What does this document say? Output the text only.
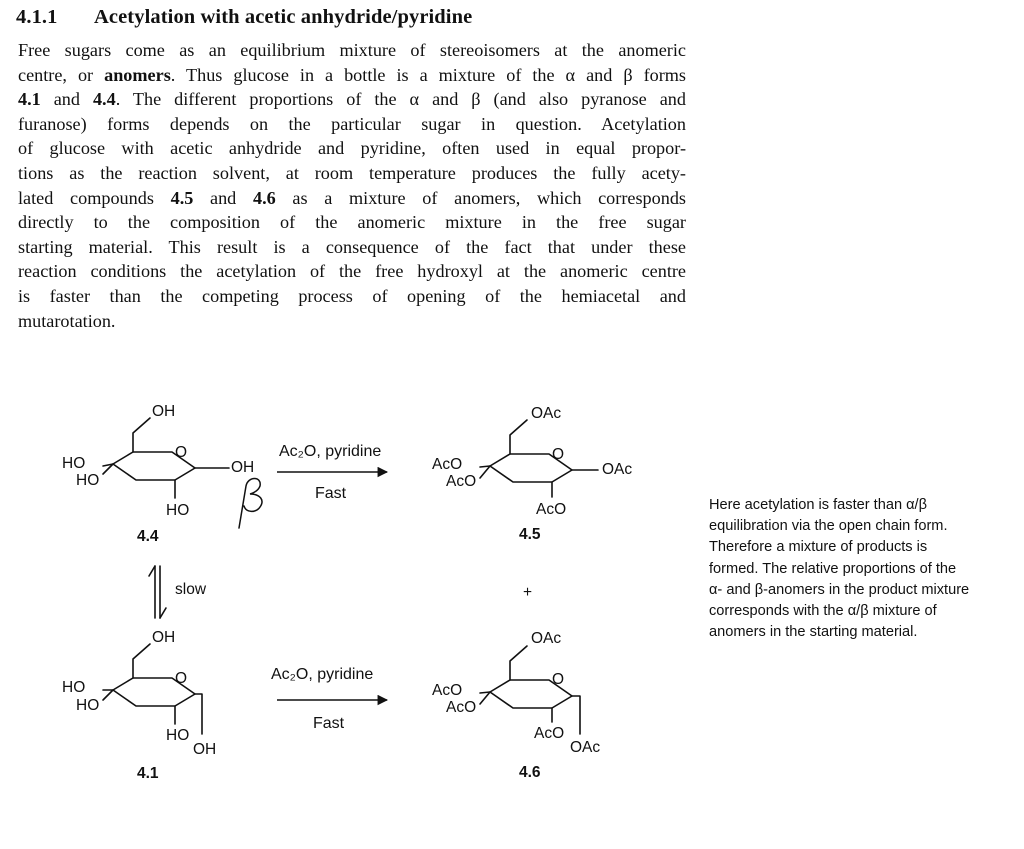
4.1.1 Acetylation with acetic anhydride/pyridine
Free sugars come as an equilibrium mixture of stereoisomers at the anomeric
centre, or anomers. Thus glucose in a bottle is a mixture of the α and β forms
4.1 and 4.4. The different proportions of the α and β (and also pyranose and
furanose) forms depends on the particular sugar in question. Acetylation
of glucose with acetic anhydride and pyridine, often used in equal propor-
tions as the reaction solvent, at room temperature produces the fully acety-
lated compounds 4.5 and 4.6 as a mixture of anomers, which corresponds
directly to the composition of the anomeric mixture in the free sugar
starting material. This result is a consequence of the fact that under these
reaction conditions the acetylation of the free hydroxyl at the anomeric centre
is faster than the competing process of opening of the hemiacetal and
mutarotation.
OH
HO
HO
O
OH
HO
4.4
slow
OH
HO
HO
O
HO
OH
4.1
Ac₂O, pyridine
Fast
Ac₂O, pyridine
Fast
OAc
AcO
AcO
O
OAc
AcO
4.5
+
OAc
AcO
AcO
O
AcO
OAc
4.6
Here acetylation is faster than α/β
equilibration via the open chain form.
Therefore a mixture of products is
formed. The relative proportions of the
α- and β-anomers in the product mixture
corresponds with the α/β mixture of
anomers in the starting material.
